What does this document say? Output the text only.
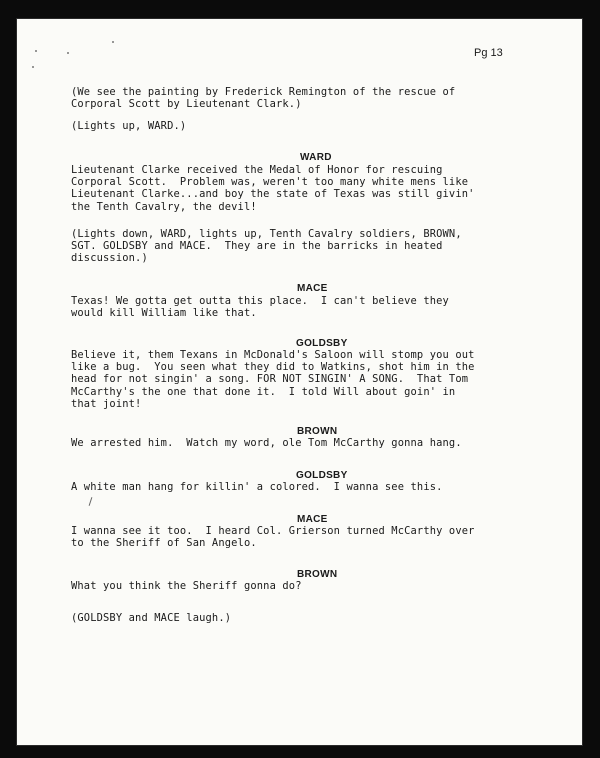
Pg 13
(We see the painting by Frederick Remington of the rescue of
Corporal Scott by Lieutenant Clark.)
(Lights up, WARD.)
WARD
Lieutenant Clarke received the Medal of Honor for rescuing
Corporal Scott.  Problem was, weren't too many white mens like
Lieutenant Clarke...and boy the state of Texas was still givin'
the Tenth Cavalry, the devil!
(Lights down, WARD, lights up, Tenth Cavalry soldiers, BROWN,
SGT. GOLDSBY and MACE.  They are in the barricks in heated
discussion.)
MACE
Texas! We gotta get outta this place.  I can't believe they
would kill William like that.
GOLDSBY
Believe it, them Texans in McDonald's Saloon will stomp you out
like a bug.  You seen what they did to Watkins, shot him in the
head for not singin' a song. FOR NOT SINGIN' A SONG.  That Tom
McCarthy's the one that done it.  I told Will about goin' in
that joint!
BROWN
We arrested him.  Watch my word, ole Tom McCarthy gonna hang.
GOLDSBY
A white man hang for killin' a colored.  I wanna see this.
MACE
I wanna see it too.  I heard Col. Grierson turned McCarthy over
to the Sheriff of San Angelo.
BROWN
What you think the Sheriff gonna do?
(GOLDSBY and MACE laugh.)
